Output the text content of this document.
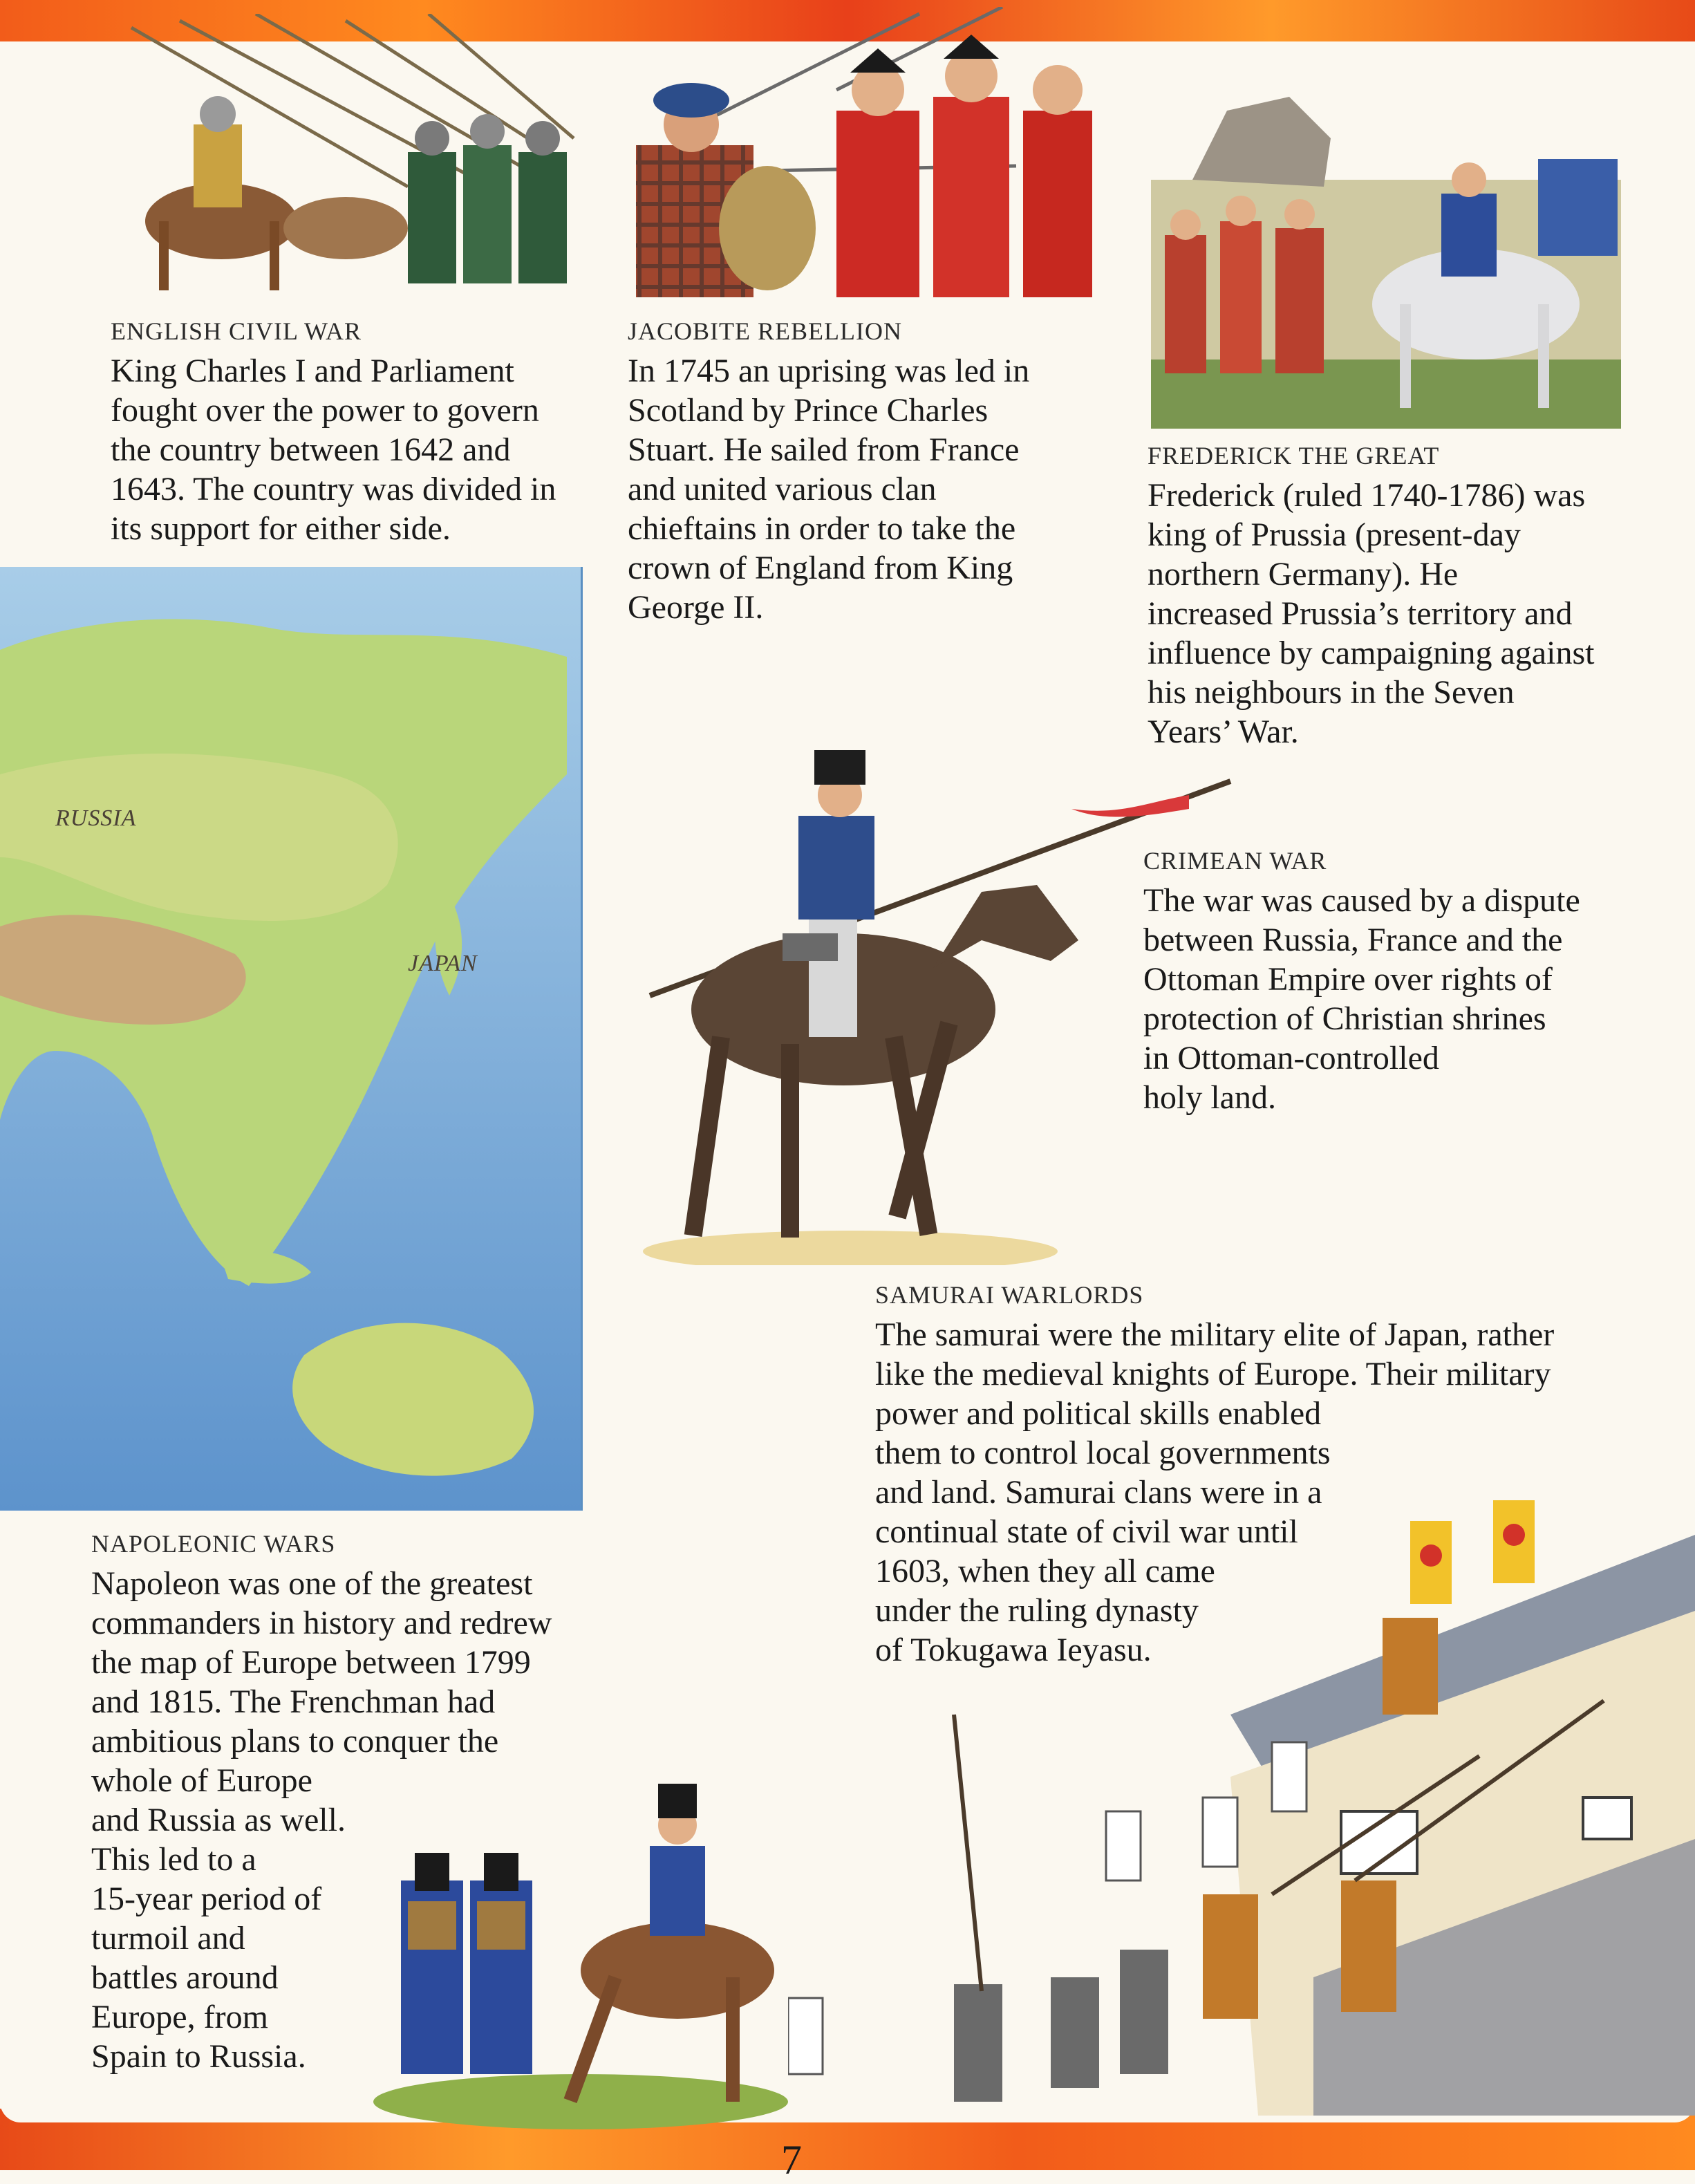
ENGLISH CIVIL WAR

King Charles I and Parliament
fought over the power to govern
the country between 1642 and
1643. The country was divided in
its support for either side.

JACOBITE REBELLION

In 1745 an uprising was led in
Scotland by Prince Charles
Stuart. He sailed from France
and united various clan
chieftains in order to take the
crown of England from King
George II.

FREDERICK THE GREAT

Frederick (ruled 1740-1786) was
king of Prussia (present-day
northern Germany). He
increased Prussia’s territory and
influence by campaigning against
his neighbours in the Seven
Years’ War.

RUSSIA
JAPAN

CRIMEAN WAR

The war was caused by a dispute
between Russia, France and the
Ottoman Empire over rights of
protection of Christian shrines
in Ottoman-controlled
holy land.

SAMURAI WARLORDS

The samurai were the military elite of Japan, rather
like the medieval knights of Europe. Their military
power and political skills enabled
them to control local governments
and land. Samurai clans were in a
continual state of civil war until
1603, when they all came
under the ruling dynasty
of Tokugawa Ieyasu.

NAPOLEONIC WARS

Napoleon was one of the greatest
commanders in history and redrew
the map of Europe between 1799
and 1815. The Frenchman had
ambitious plans to conquer the
whole of Europe
and Russia as well.
This led to a
15-year period of
turmoil and
battles around
Europe, from
Spain to Russia.

7
